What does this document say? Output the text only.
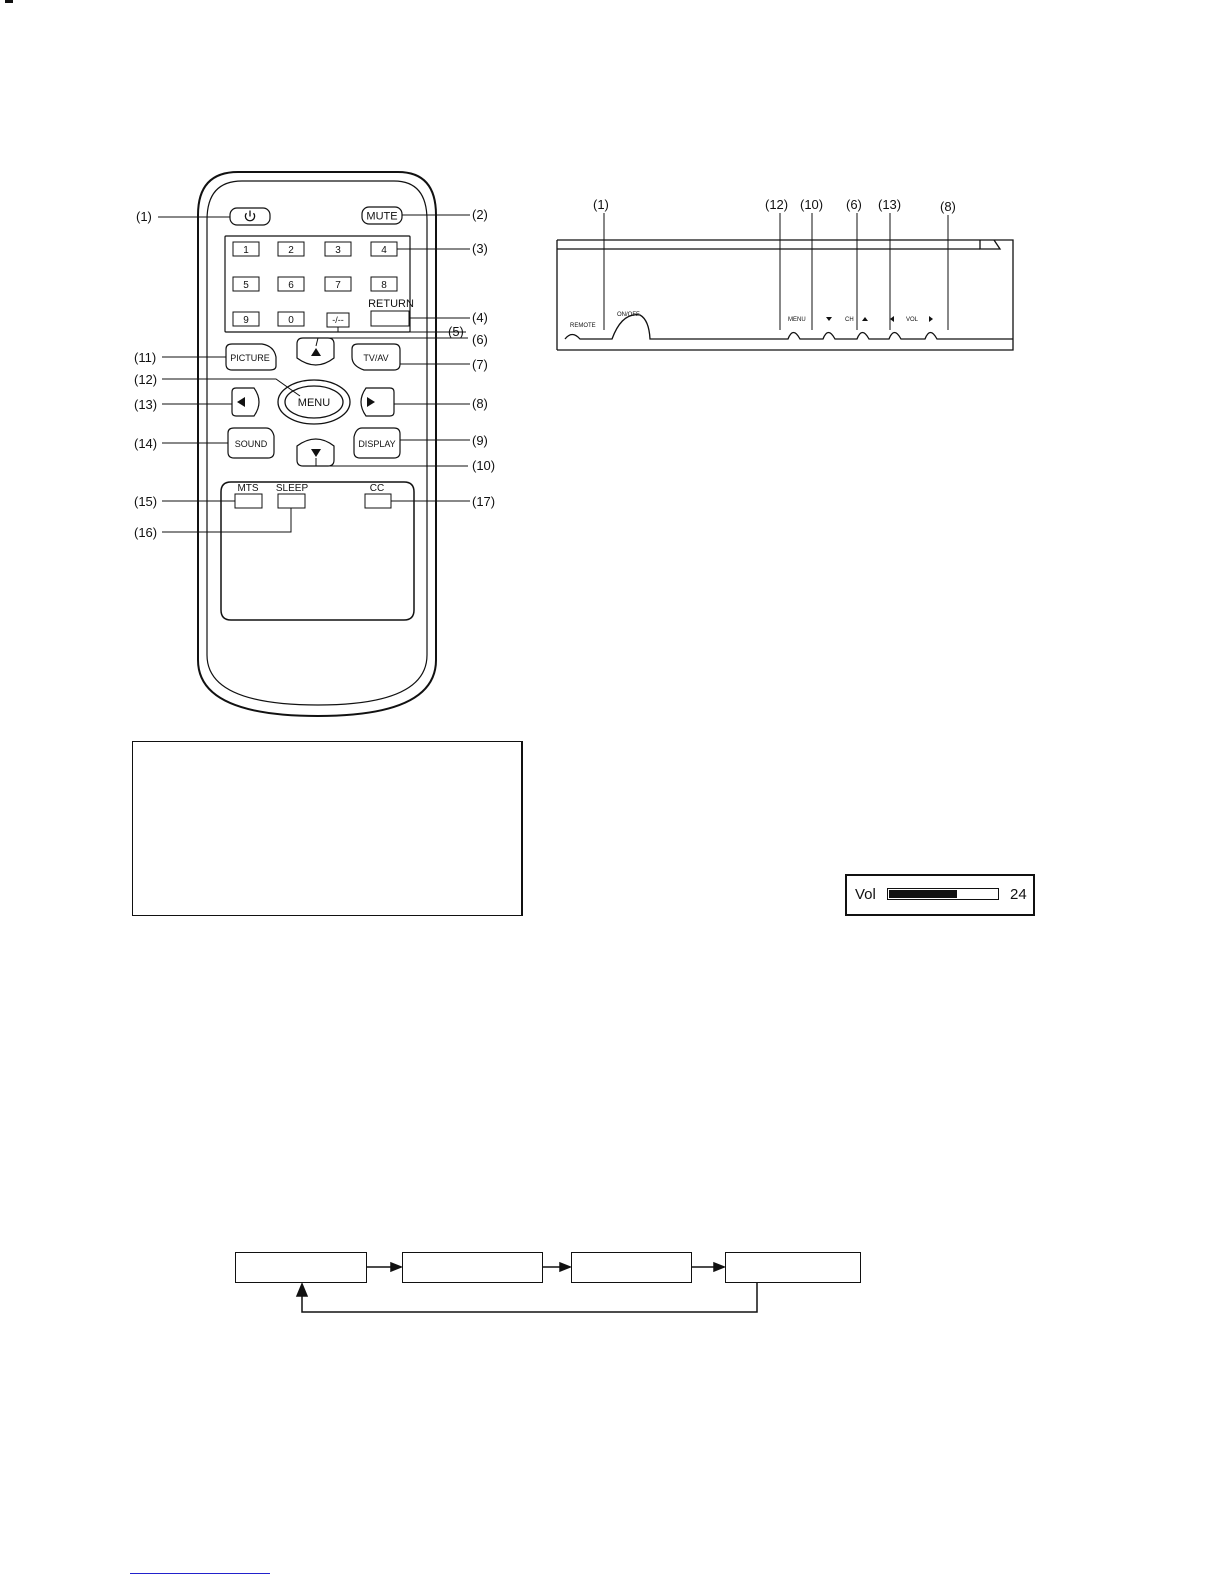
MUTE
1	2	3	4
5	6	7	8
9	0
RETURN
-/--
PICTURE	TV/AV
SOUND	DISPLAY
MENU
MTS SLEEP	CC
(1)	(2)
(3)
(4)
(5)
(6)
(7)
(8)
(9)
(10)
(11)
(12)
(13)
(14)
(15)
(16)
(17)
REMOTE
ON/OFF
MENU	CH	VOL
(1)	(12) (10) (6) (13)	(8)
Vol	24
